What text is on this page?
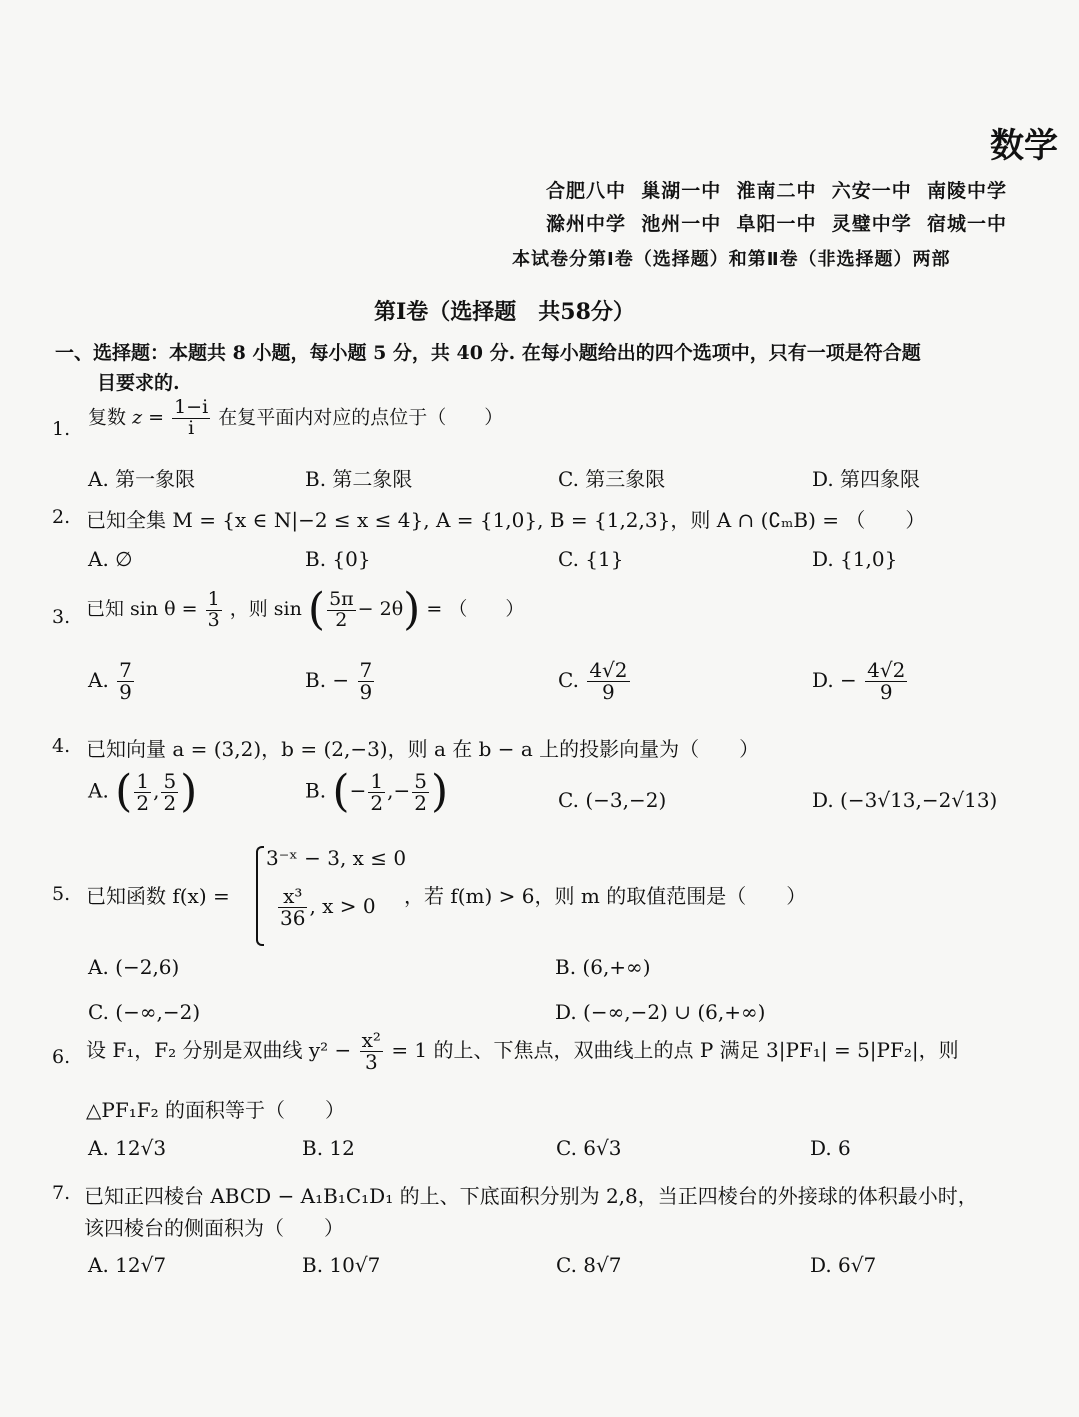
数学
合肥八中 巢湖一中 淮南二中 六安一中 南陵中学
滁州中学 池州一中 阜阳一中 灵璧中学 宿城一中
本试卷分第Ⅰ卷（选择题）和第Ⅱ卷（非选择题）两部
第Ⅰ卷（选择题　共58分）
一、选择题：本题共 8 小题，每小题 5 分，共 40 分. 在每小题给出的四个选项中，只有一项是符合题
目要求的.
1.
复数 $z = \frac{1-i}{i}$ 在复平面内对应的点位于（　　）
A. 第一象限	B. 第二象限	C. 第三象限	D. 第四象限
2. 已知全集 M = {x ∈ N|−2 ≤ x ≤ 4}, A = {1,0}, B = {1,2,3}，则 A ∩ (∁ₘB) = （　　）
A. ∅	B. {0}	C. {1}	D. {1,0}
3. 已知 $\sin \theta = \frac{1}{3}$ ，则 sin ( $\frac{5\pi}{2} - 2\theta$) = （　　）
A. $\frac{7}{9}$	B. − $\frac{7}{9}$	C. $\frac{4√2}{9}$	D. − $\frac{4√2}{9}$
4. 已知向量 a = (3,2)，b = (2,−3)，则 a 在 b − a 上的投影向量为（　　）
A. ( $\frac{1}{2}$ , $\frac{5}{2}$ )	B. (− $\frac{1}{2}$ ,− $\frac{5}{2}$ )	C. (−3,−2)	D. (−3√13,−2√13)
5. 已知函数 f(x) =
3⁻ˣ − 3, x ≤ 0
$\frac{\text{x³}}{36}$ , x > 0 ，若 f(m) > 6，则 m 的取值范围是（　　）
A. (−2,6)	B. (6,+∞)
C. (−∞,−2)	D. (−∞,−2) ∪ (6,+∞)
6. 设 F₁，F₂ 分别是双曲线 $y^2 - \frac{\text{x²}}{3} = 1$ 的上、下焦点，双曲线上的点 P 满足 3|PF₁| = 5|PF₂|，则
△PF₁F₂ 的面积等于（　　）
A. 12√3	B. 12	C. 6√3	D. 6
7. 已知正四棱台 ABCD − A₁B₁C₁D₁ 的上、下底面积分别为 2,8，当正四棱台的外接球的体积最小时，
该四棱台的侧面积为（　　）
A. 12√7	B. 10√7	C. 8√7	D. 6√7
